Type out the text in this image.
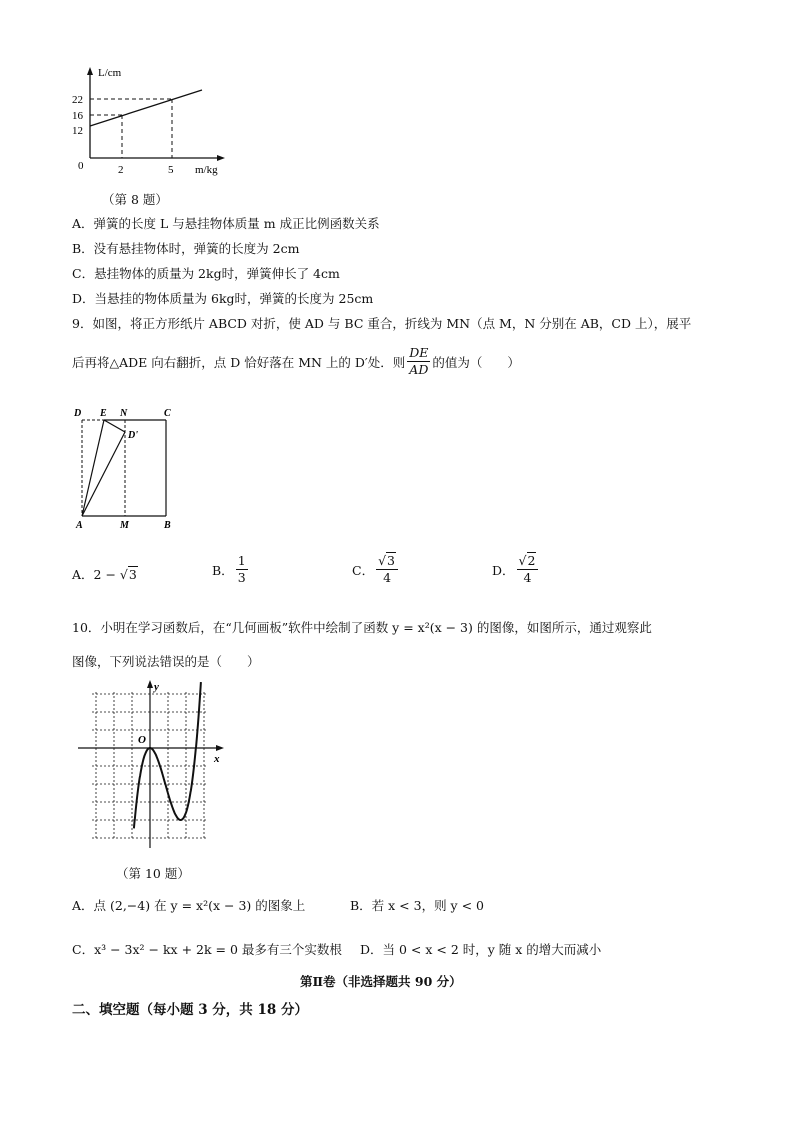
L/cm
22
16
12
0	2	5 m/kg
（第 8 题）
A．弹簧的长度 L 与悬挂物体质量 m 成正比例函数关系
B．没有悬挂物体时，弹簧的长度为 2cm
C．悬挂物体的质量为 2kg时，弹簧伸长了 4cm
D．当悬挂的物体质量为 6kg时，弹簧的长度为 25cm
9．如图，将正方形纸片 ABCD 对折，使 AD 与 BC 重合，折线为 MN（点 M，N 分别在 AB，CD 上），展平
后再将△ADE 向右翻折，点 D 恰好落在 MN 上的 D′处．则 $\frac{DE}{AD}$ 的值为（　　）
D E N	C
D'
A	M	B
A．2 − √3	B． $\frac{1}{3}$	C． $\frac{√3}{4}$	D． $\frac{√2}{4}$
10．小明在学习函数后，在“几何画板”软件中绘制了函数 y = x²(x − 3) 的图像，如图所示，通过观察此
图像，下列说法错误的是（　　）
y
x
O
（第 10 题）
A．点 (2,−4) 在 y = x²(x − 3) 的图象上	B．若 x < 3，则 y < 0
C．x³ − 3x² − kx + 2k = 0 最多有三个实数根 D．当 0 < x < 2 时，y 随 x 的增大而减小
第Ⅱ卷（非选择题共 90 分）
二、填空题（每小题 3 分，共 18 分）
